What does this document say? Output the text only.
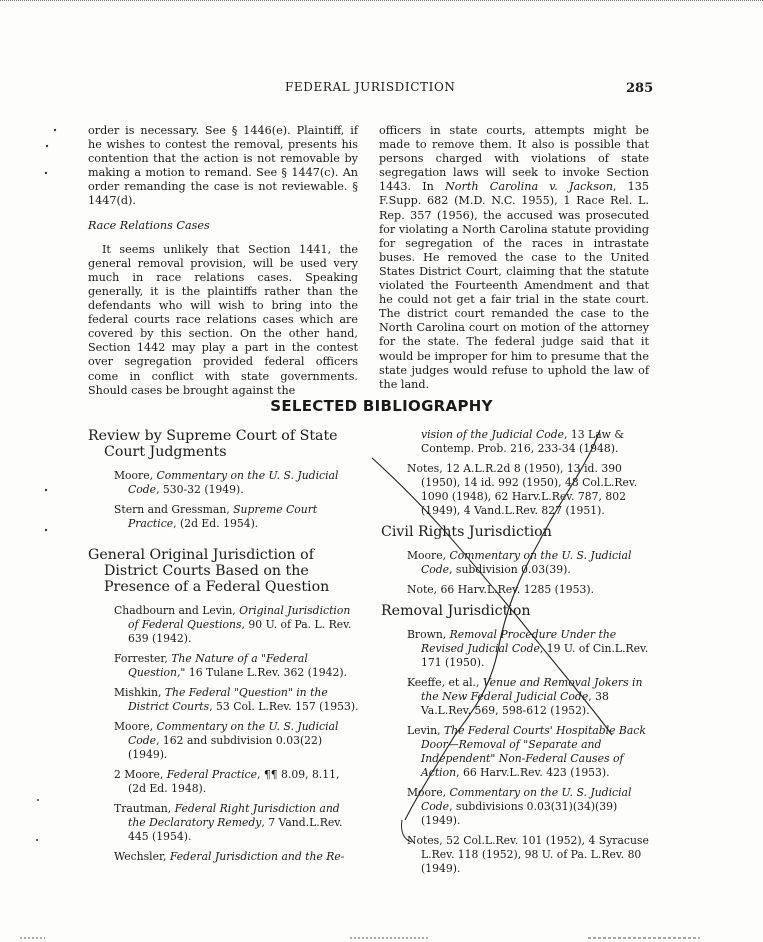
FEDERAL JURISDICTION	285

order is necessary. See § 1446(e). Plaintiff, if he wishes to contest the removal, presents his contention that the action is not removable by making a motion to remand. See § 1447(c). An order remanding the case is not reviewable. § 1447(d).

Race Relations Cases

It seems unlikely that Section 1441, the general removal provision, will be used very much in race relations cases. Speaking generally, it is the plaintiffs rather than the defendants who will wish to bring into the federal courts race relations cases which are covered by this section. On the other hand, Section 1442 may play a part in the contest over segregation provided federal officers come in conflict with state governments. Should cases be brought against the

officers in state courts, attempts might be made to remove them. It also is possible that persons charged with violations of state segregation laws will seek to invoke Section 1443. In North Carolina v. Jackson, 135 F.Supp. 682 (M.D. N.C. 1955), 1 Race Rel. L. Rep. 357 (1956), the accused was prosecuted for violating a North Carolina statute providing for segregation of the races in intrastate buses. He removed the case to the United States District Court, claiming that the statute violated the Fourteenth Amendment and that he could not get a fair trial in the state court. The district court remanded the case to the North Carolina court on motion of the attorney for the state. The federal judge said that it would be improper for him to presume that the state judges would refuse to uphold the law of the land.

SELECTED BIBLIOGRAPHY
Review by Supreme Court of State Court Judgments
Moore, Commentary on the U. S. Judicial Code, 530-32 (1949).
Stern and Gressman, Supreme Court Practice, (2d Ed. 1954).
General Original Jurisdiction of District Courts Based on the Presence of a Federal Question
Chadbourn and Levin, Original Jurisdiction of Federal Questions, 90 U. of Pa. L. Rev. 639 (1942).
Forrester, The Nature of a "Federal Question," 16 Tulane L.Rev. 362 (1942).
Mishkin, The Federal "Question" in the District Courts, 53 Col. L.Rev. 157 (1953).
Moore, Commentary on the U. S. Judicial Code, 162 and subdivision 0.03(22) (1949).
2 Moore, Federal Practice, ¶¶ 8.09, 8.11, (2d Ed. 1948).
Trautman, Federal Right Jurisdiction and the Declaratory Remedy, 7 Vand.L.Rev. 445 (1954).
Wechsler, Federal Jurisdiction and the Re-
vision of the Judicial Code, 13 Law & Contemp. Prob. 216, 233-34 (1948).
Notes, 12 A.L.R.2d 8 (1950), 13 id. 390 (1950), 14 id. 992 (1950), 48 Col.L.Rev. 1090 (1948), 62 Harv.L.Rev. 787, 802 (1949), 4 Vand.L.Rev. 827 (1951).
Civil Rights Jurisdiction
Moore, Commentary on the U. S. Judicial Code, subdivision 0.03(39).
Note, 66 Harv.L.Rev. 1285 (1953).
Removal Jurisdiction
Brown, Removal Procedure Under the Revised Judicial Code, 19 U. of Cin.L.Rev. 171 (1950).
Keeffe, et al., Venue and Removal Jokers in the New Federal Judicial Code, 38 Va.L.Rev. 569, 598-612 (1952).
Levin, The Federal Courts' Hospitable Back Door—Removal of "Separate and Independent" Non-Federal Causes of Action, 66 Harv.L.Rev. 423 (1953).
Moore, Commentary on the U. S. Judicial Code, subdivisions 0.03(31)(34)(39) (1949).
Notes, 52 Col.L.Rev. 101 (1952), 4 Syracuse L.Rev. 118 (1952), 98 U. of Pa. L.Rev. 80 (1949).
